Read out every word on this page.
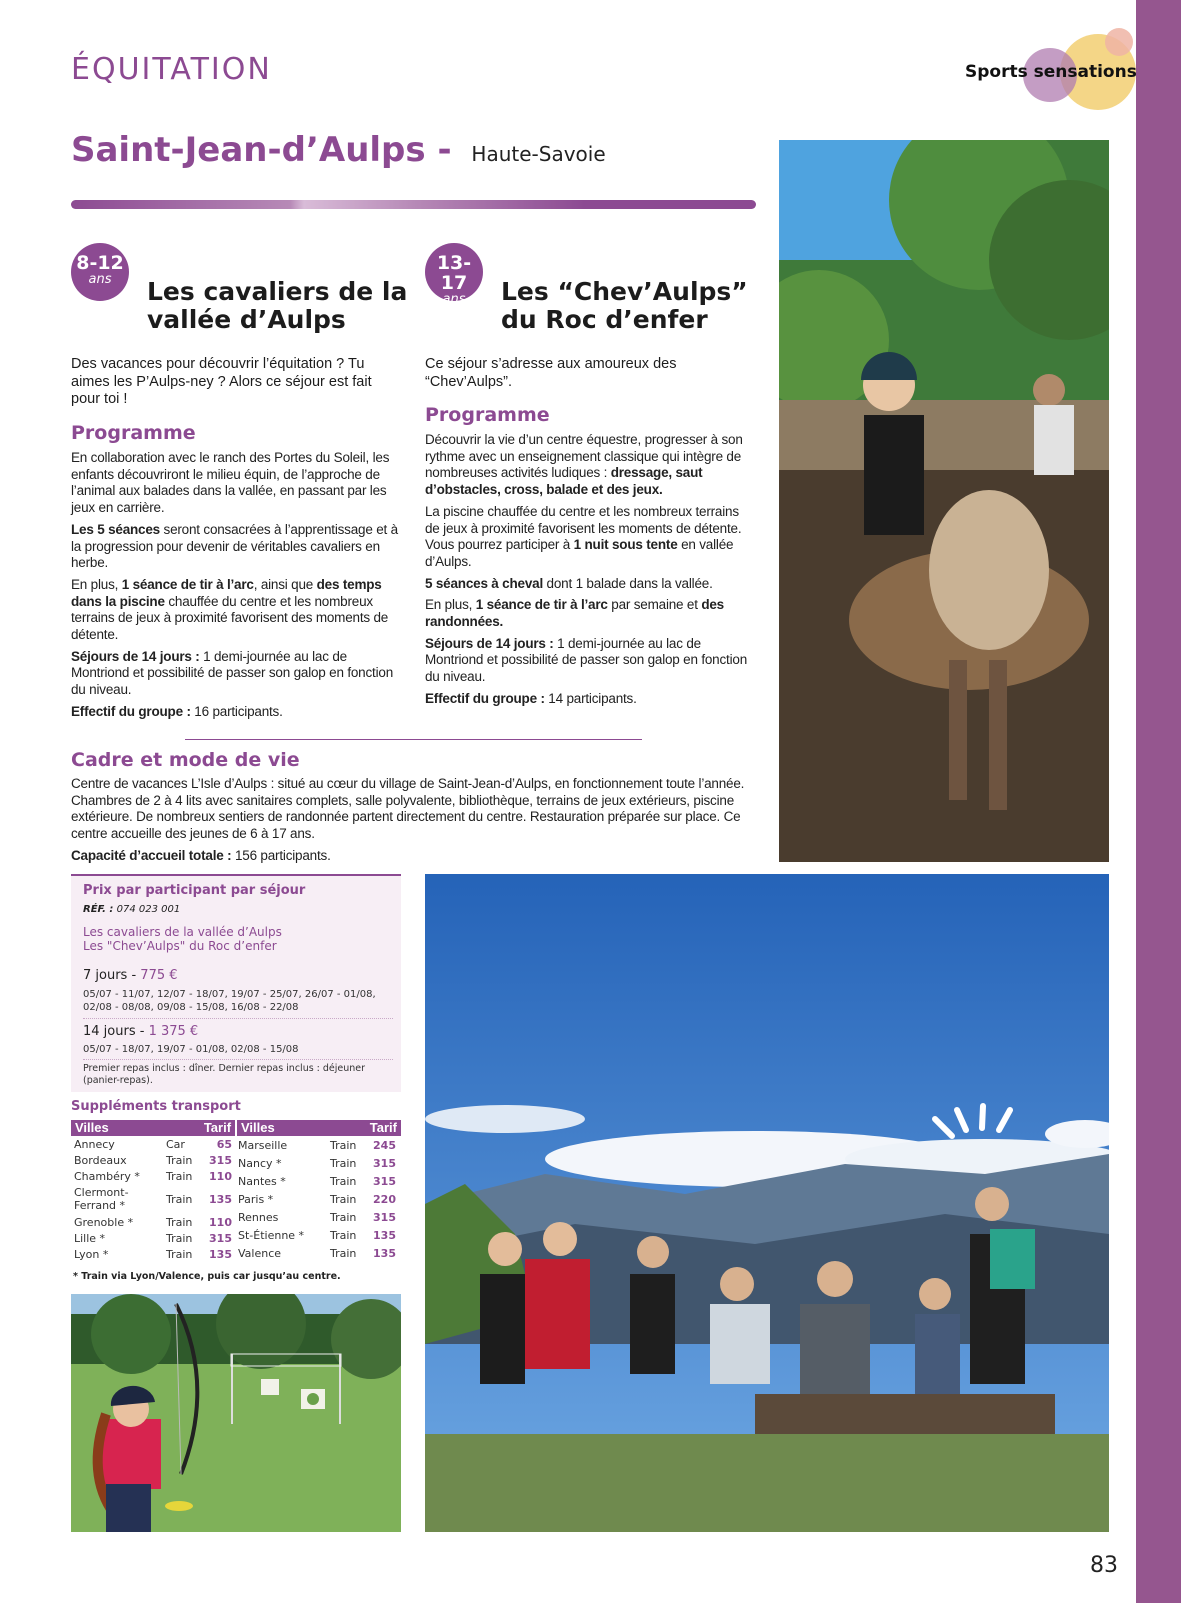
ÉQUITATION	Sports sensations
Saint-Jean-d’Aulps - Haute-Savoie
8-12
ans	Les cavaliers de la
vallée d’Aulps
Des vacances pour découvrir l’équitation ? Tu aimes les P’Aulps-ney ? Alors ce séjour est fait pour toi !
Programme

En collaboration avec le ranch des Portes du Soleil, les enfants découvriront le milieu équin, de l’approche de l’animal aux balades dans la vallée, en passant par les jeux en carrière.

Les 5 séances seront consacrées à l’apprentissage et à la progression pour devenir de véritables cavaliers en herbe.

En plus, 1 séance de tir à l’arc, ainsi que des temps dans la piscine chauffée du centre et les nombreux terrains de jeux à proximité favorisent des moments de détente.

Séjours de 14 jours : 1 demi-journée au lac de Montriond et possibilité de passer son galop en fonction du niveau.

Effectif du groupe : 16 participants.

13-17
ans	Les “Chev’Aulps”
du Roc d’enfer
Ce séjour s’adresse aux amoureux des “Chev’Aulps”.
Programme

Découvrir la vie d’un centre équestre, progresser à son rythme avec un enseignement classique qui intègre de nombreuses activités ludiques : dressage, saut d’obstacles, cross, balade et des jeux.

La piscine chauffée du centre et les nombreux terrains de jeux à proximité favorisent les moments de détente. Vous pourrez participer à 1 nuit sous tente en vallée d’Aulps.

5 séances à cheval dont 1 balade dans la vallée.

En plus, 1 séance de tir à l’arc par semaine et des randonnées.

Séjours de 14 jours : 1 demi-journée au lac de Montriond et possibilité de passer son galop en fonction du niveau.

Effectif du groupe : 14 participants.

Cadre et mode de vie

Centre de vacances L’Isle d’Aulps : situé au cœur du village de Saint-Jean-d’Aulps, en fonctionnement toute l’année. Chambres de 2 à 4 lits avec sanitaires complets, salle polyvalente, bibliothèque, terrains de jeux extérieurs, piscine extérieure. De nombreux sentiers de randonnée partent directement du centre. Restauration préparée sur place. Ce centre accueille des jeunes de 6 à 17 ans.

Capacité d’accueil totale : 156 participants.

Prix par participant par séjour
RÉF. : 074 023 001
Les cavaliers de la vallée d’Aulps
Les "Chev’Aulps" du Roc d’enfer
7 jours - 775 €
05/07 - 11/07, 12/07 - 18/07, 19/07 - 25/07, 26/07 - 01/08, 02/08 - 08/08, 09/08 - 15/08, 16/08 - 22/08
14 jours - 1 375 €
05/07 - 18/07, 19/07 - 01/08, 02/08 - 15/08
Premier repas inclus : dîner. Dernier repas inclus : déjeuner (panier-repas).
Suppléments transport
Villes	Tarif Villes	Tarif
Annecy	Car	65
Bordeaux	Train	315
Chambéry *	Train	110
Clermont-Ferrand *	Train	135
Grenoble *	Train	110
Lille *	Train	315
Lyon *	Train	135
Marseille	Train	245
Nancy *	Train	315
Nantes *	Train	315
Paris *	Train	220
Rennes	Train	315
St-Étienne *	Train	135
Valence	Train	135
* Train via Lyon/Valence, puis car jusqu’au centre.
83
